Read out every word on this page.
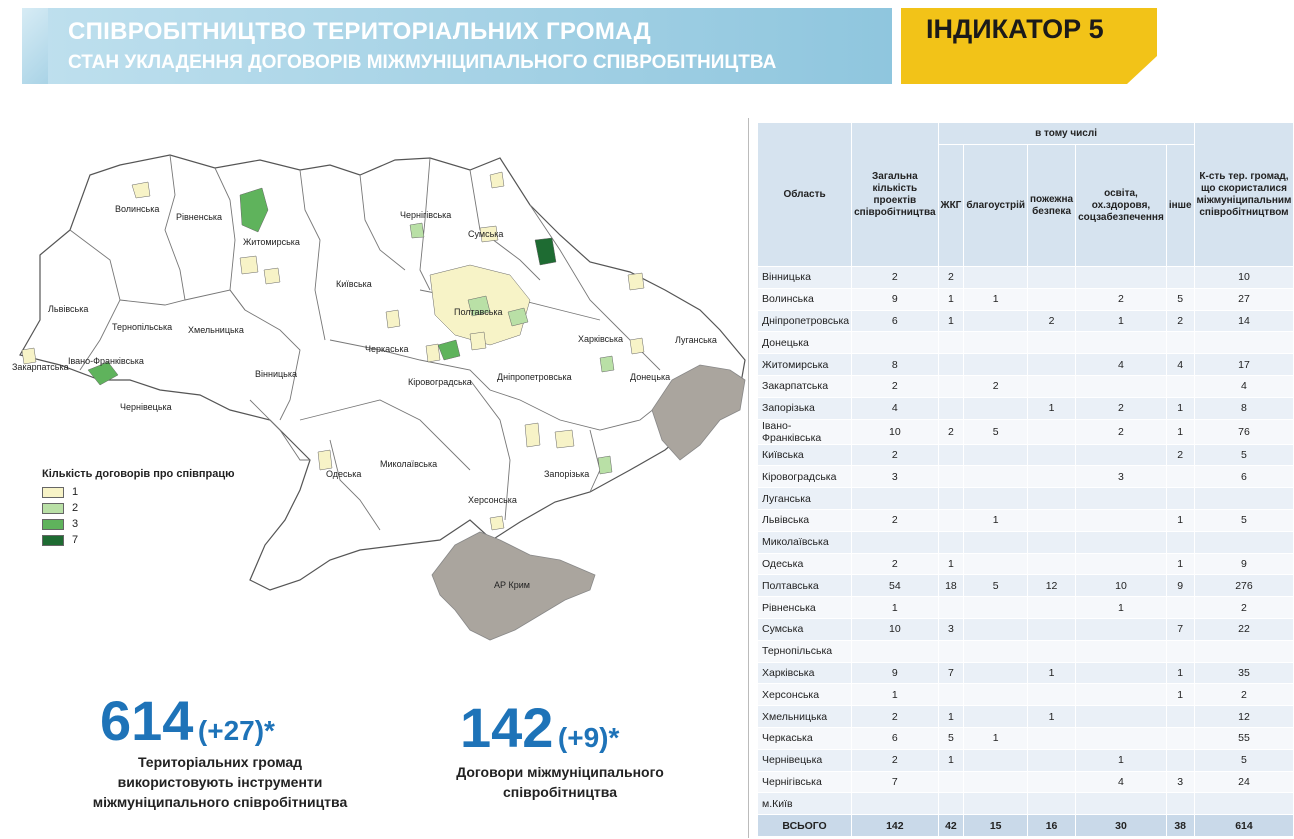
СПІВРОБІТНИЦТВО ТЕРИТОРІАЛЬНИХ ГРОМАД
СТАН УКЛАДЕННЯ ДОГОВОРІВ МІЖМУНІЦИПАЛЬНОГО СПІВРОБІТНИЦТВА
ІНДИКАТОР 5
Волинська
Рівненська
Житомирська
Чернігівська
Сумська
Київська
Полтавська
Харківська	Луганська
Львівська
Тернопільська Хмельницька
Вінницька
Черкаська
Закарпатська
Івано-Франківська
Чернівецька
Кіровоградська	Дніпропетровська	Донецька
Одеська
Миколаївська
Запорізька
Херсонська
АР Крим
Кількість договорів про співпрацю
1
2
3
7
614 (+27)*
Територіальних громад
використовують інструменти
міжмуніципального співробітництва
142 (+9)*
Договори міжмуніципального
співробітництва
Область	Загальна кількість проектів співробітництва	в тому числі					К-сть тер. громад, що скористалися міжмуніципальним співробітництвом
		ЖКГ	благоустрій	пожежна безпека	освіта, ох.здоровя, соцзабезпечення	інше	
Вінницька	2	2					10
Волинська	9	1	1		2	5	27
Дніпропетровська	6	1		2	1	2	14
Донецька							
Житомирська	8				4	4	17
Закарпатська	2		2				4
Запорізька	4			1	2	1	8
Івано-Франківська	10	2	5		2	1	76
Київська	2					2	5
Кіровоградська	3				3		6
Луганська							
Львівська	2		1			1	5
Миколаївська							
Одеська	2	1				1	9
Полтавська	54	18	5	12	10	9	276
Рівненська	1				1		2
Сумська	10	3				7	22
Тернопільська							
Харківська	9	7		1		1	35
Херсонська	1					1	2
Хмельницька	2	1		1			12
Черкаська	6	5	1				55
Чернівецька	2	1			1		5
Чернігівська	7				4	3	24
м.Київ							
ВСЬОГО	142	42	15	16	30	38	614
